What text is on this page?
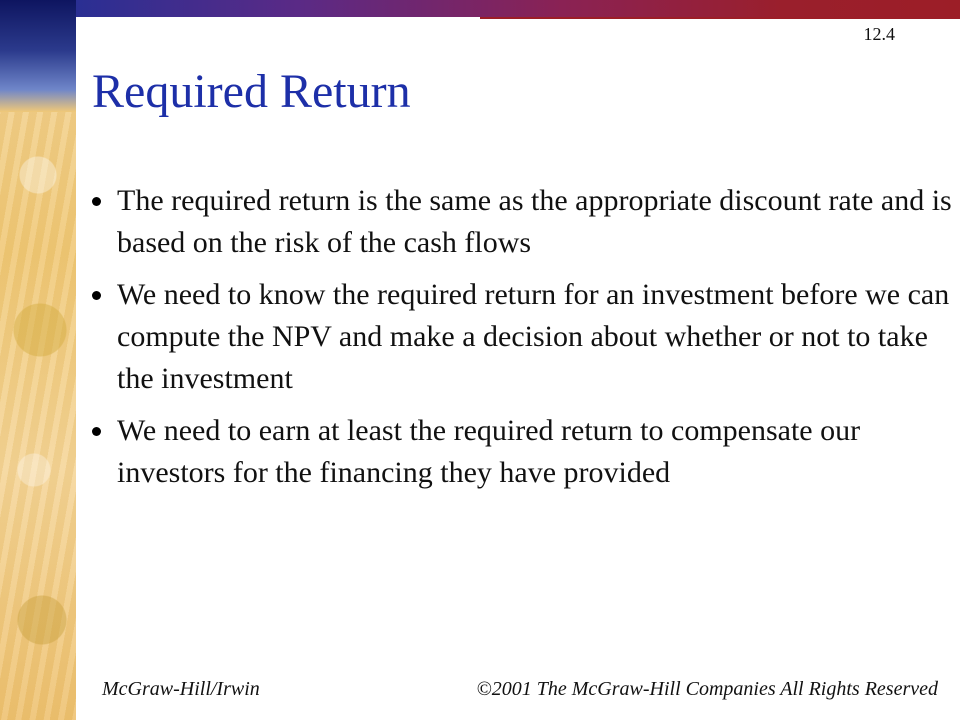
12.4
Required Return
The required return is the same as the appropriate discount rate and is based on the risk of the cash flows
We need to know the required return for an investment before we can compute the NPV and make a decision about whether or not to take the investment
We need to earn at least the required return to compensate our investors for the financing they have provided
McGraw-Hill/Irwin	©2001 The McGraw-Hill Companies All Rights Reserved
